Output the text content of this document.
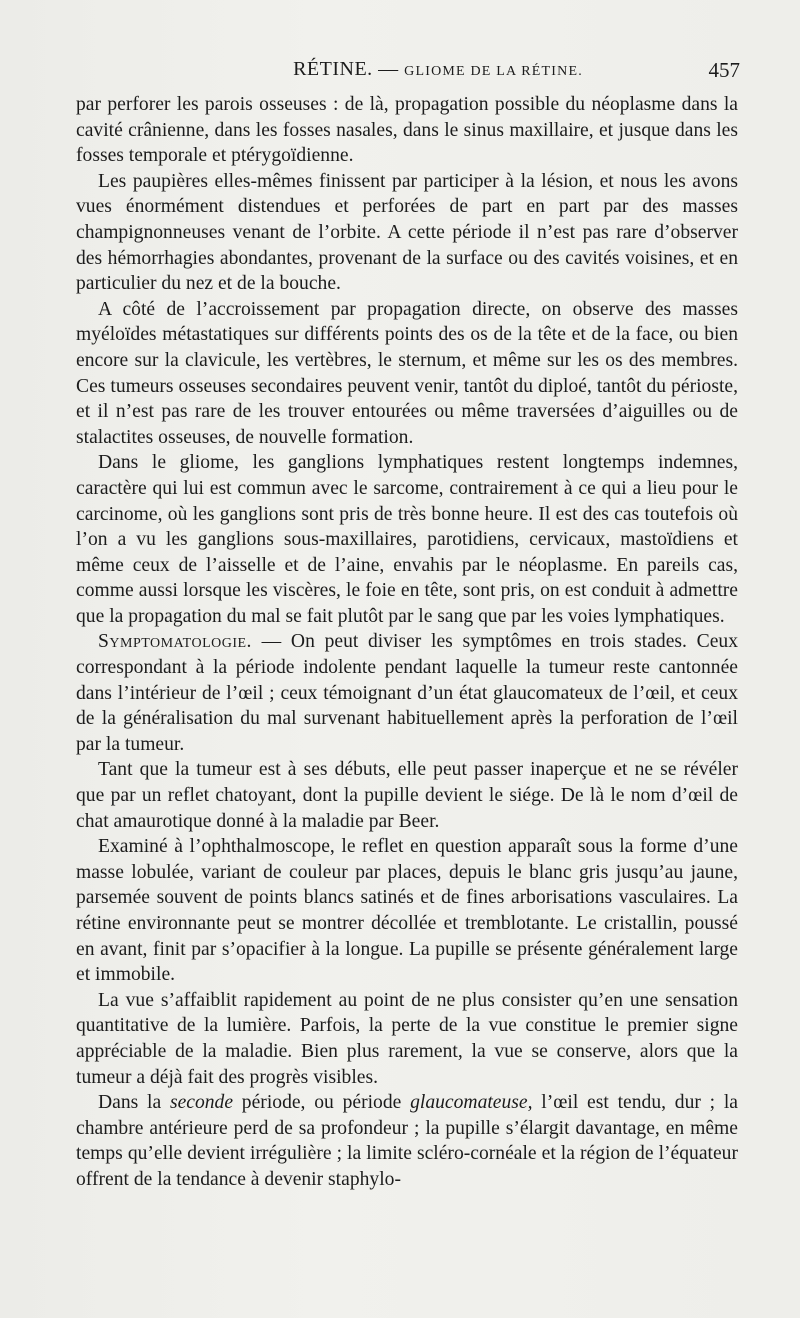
RÉTINE. — GLIOME DE LA RÉTINE.	457

par perforer les parois osseuses : de là, propagation possible du néoplasme dans la cavité crânienne, dans les fosses nasales, dans le sinus maxillaire, et jusque dans les fosses temporale et ptérygoïdienne.

Les paupières elles-mêmes finissent par participer à la lésion, et nous les avons vues énormément distendues et perforées de part en part par des masses champignonneuses venant de l’orbite. A cette période il n’est pas rare d’observer des hémorrhagies abondantes, provenant de la surface ou des cavités voisines, et en particulier du nez et de la bouche.

A côté de l’accroissement par propagation directe, on observe des masses myéloïdes métastatiques sur différents points des os de la tête et de la face, ou bien encore sur la clavicule, les vertèbres, le sternum, et même sur les os des membres. Ces tumeurs osseuses secondaires peuvent venir, tantôt du diploé, tantôt du périoste, et il n’est pas rare de les trouver entourées ou même traversées d’aiguilles ou de stalactites osseuses, de nouvelle formation.

Dans le gliome, les ganglions lymphatiques restent longtemps indemnes, caractère qui lui est commun avec le sarcome, contrairement à ce qui a lieu pour le carcinome, où les ganglions sont pris de très bonne heure. Il est des cas toutefois où l’on a vu les ganglions sous-maxillaires, parotidiens, cervicaux, mastoïdiens et même ceux de l’aisselle et de l’aine, envahis par le néoplasme. En pareils cas, comme aussi lorsque les viscères, le foie en tête, sont pris, on est conduit à admettre que la propagation du mal se fait plutôt par le sang que par les voies lymphatiques.

Symptomatologie. — On peut diviser les symptômes en trois stades. Ceux correspondant à la période indolente pendant laquelle la tumeur reste cantonnée dans l’intérieur de l’œil ; ceux témoignant d’un état glaucomateux de l’œil, et ceux de la généralisation du mal survenant habituellement après la perforation de l’œil par la tumeur.

Tant que la tumeur est à ses débuts, elle peut passer inaperçue et ne se révéler que par un reflet chatoyant, dont la pupille devient le siége. De là le nom d’œil de chat amaurotique donné à la maladie par Beer.

Examiné à l’ophthalmoscope, le reflet en question apparaît sous la forme d’une masse lobulée, variant de couleur par places, depuis le blanc gris jusqu’au jaune, parsemée souvent de points blancs satinés et de fines arborisations vasculaires. La rétine environnante peut se montrer décollée et tremblotante. Le cristallin, poussé en avant, finit par s’opacifier à la longue. La pupille se présente généralement large et immobile.

La vue s’affaiblit rapidement au point de ne plus consister qu’en une sensation quantitative de la lumière. Parfois, la perte de la vue constitue le premier signe appréciable de la maladie. Bien plus rarement, la vue se conserve, alors que la tumeur a déjà fait des progrès visibles.

Dans la seconde période, ou période glaucomateuse, l’œil est tendu, dur ; la chambre antérieure perd de sa profondeur ; la pupille s’élargit davantage, en même temps qu’elle devient irrégulière ; la limite scléro-cornéale et la région de l’équateur offrent de la tendance à devenir staphylo-
